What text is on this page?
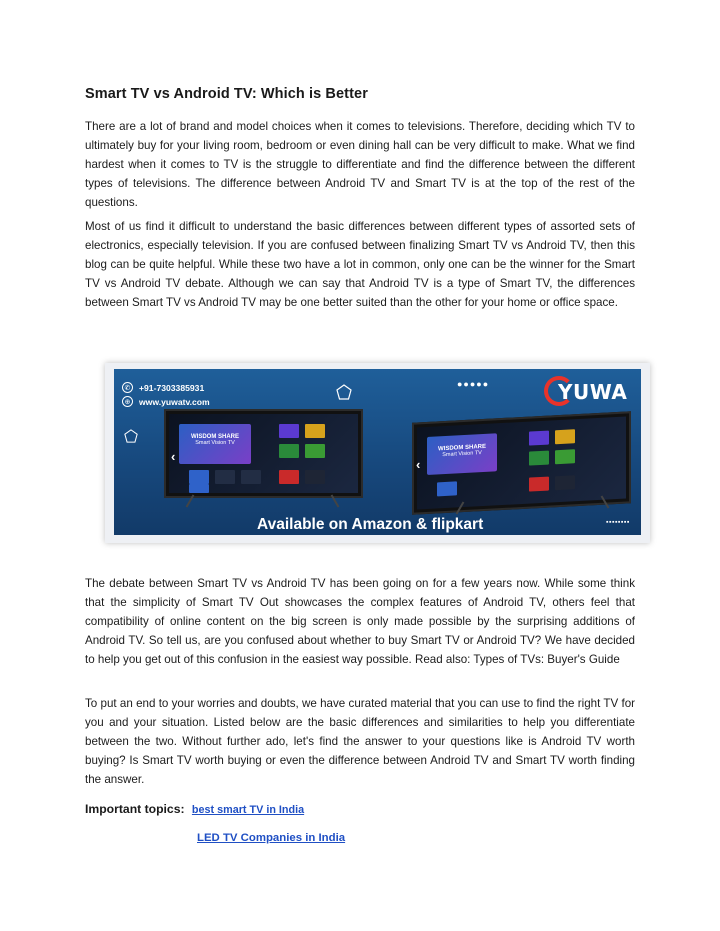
Smart TV vs Android TV: Which is Better

There are a lot of brand and model choices when it comes to televisions. Therefore, deciding which TV to ultimately buy for your living room, bedroom or even dining hall can be very difficult to make. What we find hardest when it comes to TV is the struggle to differentiate and find the difference between the different types of televisions. The difference between Android TV and Smart TV is at the top of the rest of the questions.

Most of us find it difficult to understand the basic differences between different types of assorted sets of electronics, especially television. If you are confused between finalizing Smart TV vs Android TV, then this blog can be quite helpful. While these two have a lot in common, only one can be the winner for the Smart TV vs Android TV debate. Although we can say that Android TV is a type of Smart TV, the differences between Smart TV vs Android TV may be one better suited than the other for your home or office space.

✆ +91-7303385931
⊕ www.yuwatv.com
●●●●●	YUWA
WISDOM SHARE
Smart Vision TV
‹
WISDOM SHARE
Smart Vision TV
‹
Available on Amazon & flipkart	▪▪▪▪▪▪▪▪

The debate between Smart TV vs Android TV has been going on for a few years now. While some think that the simplicity of Smart TV Out showcases the complex features of Android TV, others feel that compatibility of online content on the big screen is only made possible by the surprising additions of Android TV. So tell us, are you confused about whether to buy Smart TV or Android TV? We have decided to help you get out of this confusion in the easiest way possible. Read also: Types of TVs: Buyer's Guide

To put an end to your worries and doubts, we have curated material that you can use to find the right TV for you and your situation. Listed below are the basic differences and similarities to help you differentiate between the two. Without further ado, let's find the answer to your questions like is Android TV worth buying? Is Smart TV worth buying or even the difference between Android TV and Smart TV worth finding the answer.

Important topics: best smart TV in India
LED TV Companies in India
